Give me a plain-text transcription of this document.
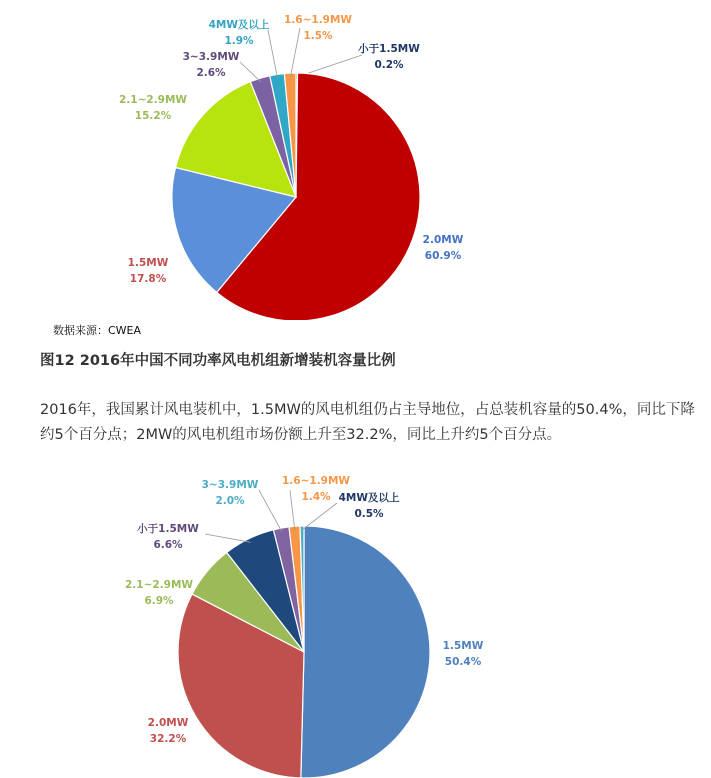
小于1.5MW
0.2%
2.0MW
60.9%
1.5MW
17.8%
2.1~2.9MW
15.2%
3~3.9MW
2.6%
4MW及以上
1.9%
1.6~1.9MW
1.5%
数据来源：CWEA
图12 2016年中国不同功率风电机组新增装机容量比例
2016年，我国累计风电装机中，1.5MW的风电机组仍占主导地位，占总装机容量的50.4%，同比下降约5个百分点；2MW的风电机组市场份额上升至32.2%，同比上升约5个百分点。
1.5MW
50.4%
2.0MW
32.2%
2.1~2.9MW
6.9%
小于1.5MW
6.6%
3~3.9MW
2.0%
1.6~1.9MW
1.4% 4MW及以上
0.5%
